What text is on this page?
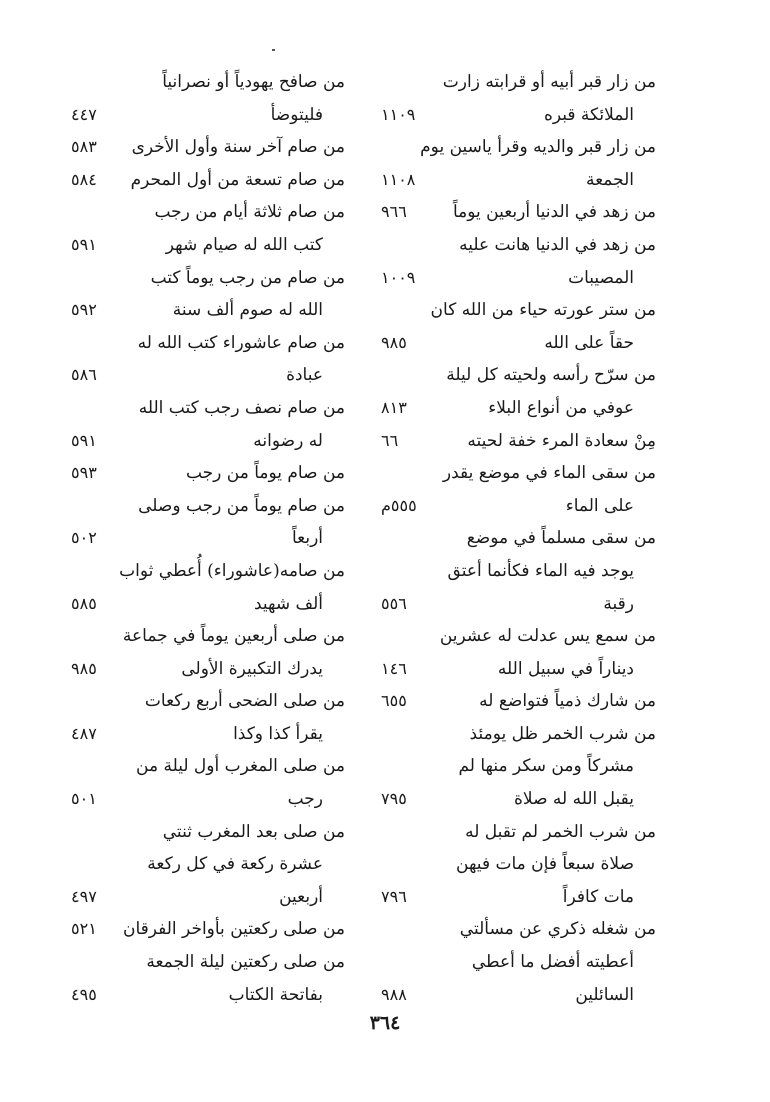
من زار قبر أبيه أو قرابته زارت
الملائكة قبره
١١٠٩
من زار قبر والديه وقرأ ياسين يوم
الجمعة
١١٠٨
من زهد في الدنيا أربعين يوماً
٩٦٦
من زهد في الدنيا هانت عليه
المصيبات
١٠٠٩
من ستر عورته حياء من الله كان
حقاً على الله
٩٨٥
من سرّح رأسه ولحيته كل ليلة
عوفي من أنواع البلاء
٨١٣
مِنْ سعادة المرء خفة لحيته
٦٦
من سقى الماء في موضع يقدر
على الماء
٥٥٥م
من سقى مسلماً في موضع
يوجد فيه الماء فكأنما أعتق
رقبة
٥٥٦
من سمع يس عدلت له عشرين
ديناراً في سبيل الله
١٤٦
من شارك ذمياً فتواضع له
٦٥٥
من شرب الخمر ظل يومئذ
مشركاً ومن سكر منها لم
يقبل الله له صلاة
٧٩٥
من شرب الخمر لم تقبل له
صلاة سبعاً فإن مات فيهن
مات كافراً
٧٩٦
من شغله ذكري عن مسألتي
أعطيته أفضل ما أعطي
السائلين
٩٨٨
من صافح يهودياً أو نصرانياً
فليتوضأ
٤٤٧
من صام آخر سنة وأول الأخرى
٥٨٣
من صام تسعة من أول المحرم
٥٨٤
من صام ثلاثة أيام من رجب
كتب الله له صيام شهر
٥٩١
من صام من رجب يوماً كتب
الله له صوم ألف سنة
٥٩٢
من صام عاشوراء كتب الله له
عبادة
٥٨٦
من صام نصف رجب كتب الله
له رضوانه
٥٩١
من صام يوماً من رجب
٥٩٣
من صام يوماً من رجب وصلى
أربعاً
٥٠٢
من صامه(عاشوراء) أُعطي ثواب
ألف شهيد
٥٨٥
من صلى أربعين يوماً في جماعة
يدرك التكبيرة الأولى
٩٨٥
من صلى الضحى أربع ركعات
يقرأ كذا وكذا
٤٨٧
من صلى المغرب أول ليلة من
رجب
٥٠١
من صلى بعد المغرب ثنتي
عشرة ركعة في كل ركعة
أربعين
٤٩٧
من صلى ركعتين بأواخر الفرقان
٥٢١
من صلى ركعتين ليلة الجمعة
بفاتحة الكتاب
٤٩٥
٣٦٤
